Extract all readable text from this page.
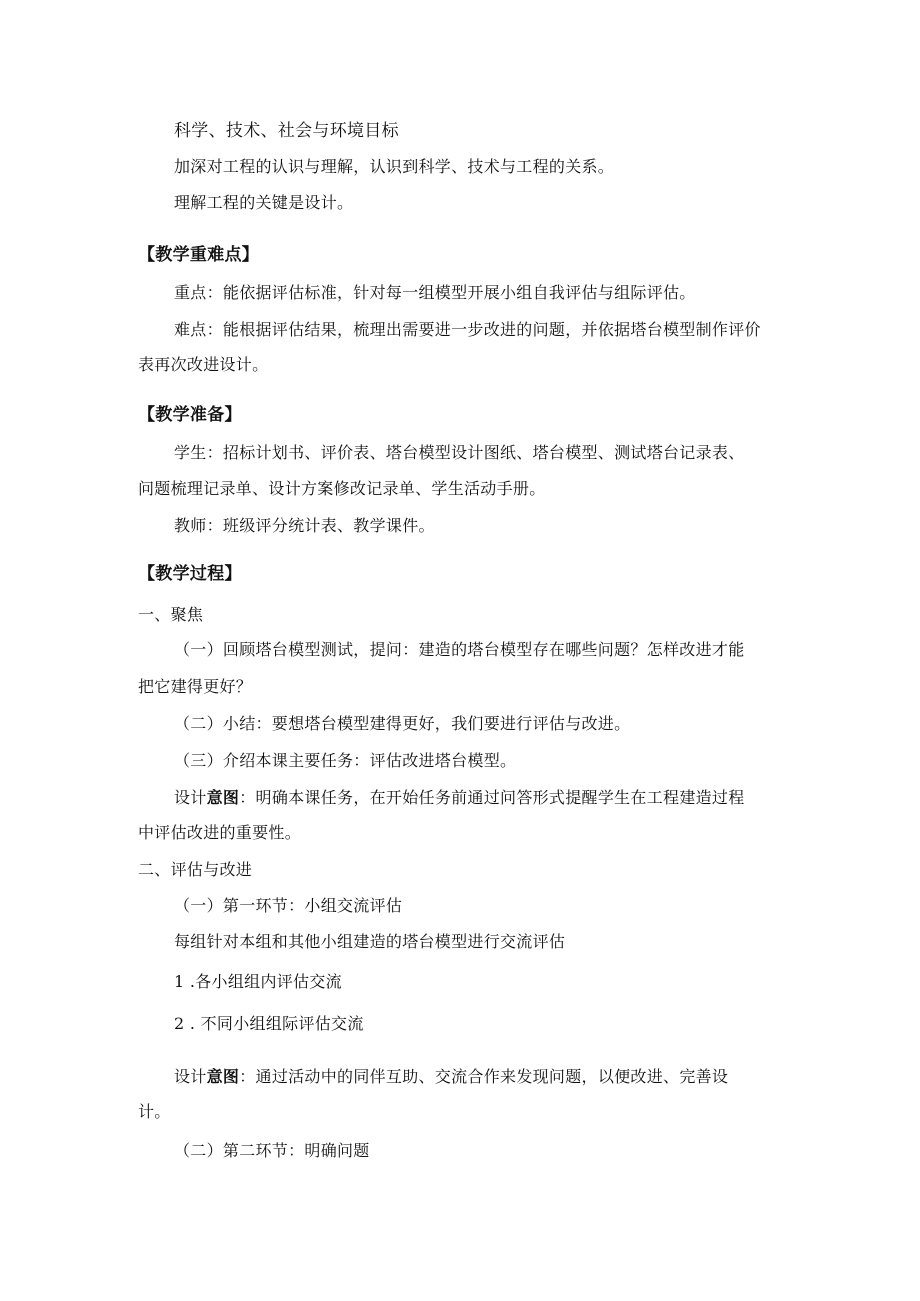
科学、技术、社会与环境目标
加深对工程的认识与理解，认识到科学、技术与工程的关系。
理解工程的关键是设计。
【教学重难点】
重点：能依据评估标准，针对每一组模型开展小组自我评估与组际评估。
难点：能根据评估结果，梳理出需要进一步改进的问题，并依据塔台模型制作评价
表再次改进设计。
【教学准备】
学生：招标计划书、评价表、塔台模型设计图纸、塔台模型、测试塔台记录表、
问题梳理记录单、设计方案修改记录单、学生活动手册。
教师：班级评分统计表、教学课件。
【教学过程】
一、聚焦
（一）回顾塔台模型测试，提问：建造的塔台模型存在哪些问题？怎样改进才能
把它建得更好？
（二）小结：要想塔台模型建得更好，我们要进行评估与改进。
（三）介绍本课主要任务：评估改进塔台模型。
设计意图：明确本课任务，在开始任务前通过问答形式提醒学生在工程建造过程
中评估改进的重要性。
二、评估与改进
（一）第一环节：小组交流评估
每组针对本组和其他小组建造的塔台模型进行交流评估
1 .各小组组内评估交流
2 . 不同小组组际评估交流
设计意图：通过活动中的同伴互助、交流合作来发现问题，以便改进、完善设
计。
（二）第二环节：明确问题
